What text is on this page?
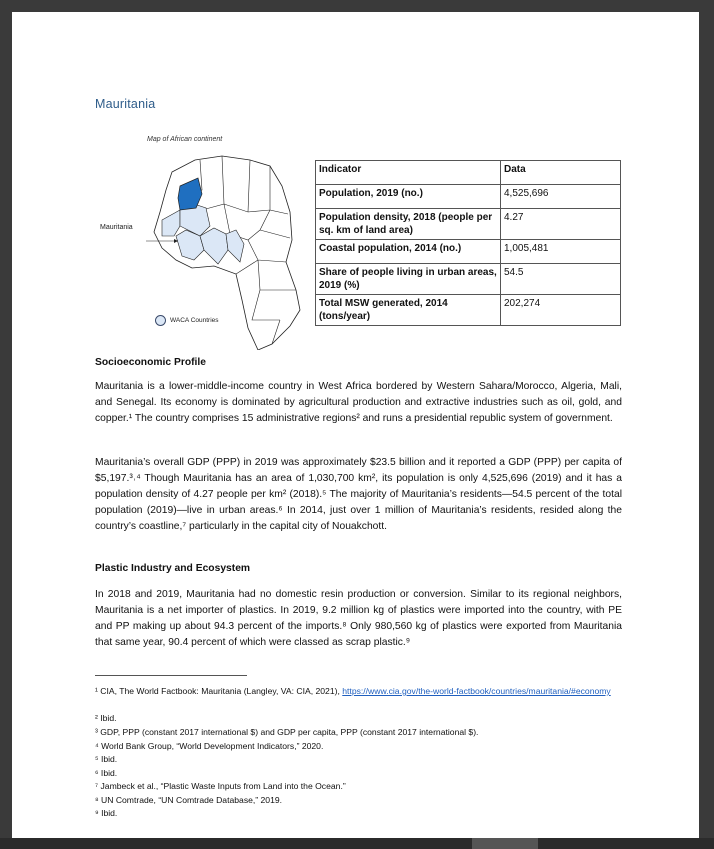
Mauritania
Map of African continent
Mauritania
WACA Countries
Indicator	Data
Population, 2019 (no.)	4,525,696
Population density, 2018 (people per sq. km of land area)	4.27
Coastal population, 2014 (no.)	1,005,481
Share of people living in urban areas, 2019 (%)	54.5
Total MSW generated, 2014 (tons/year)	202,274
Socioeconomic Profile
Mauritania is a lower-middle-income country in West Africa bordered by Western Sahara/Morocco, Algeria, Mali, and Senegal. Its economy is dominated by agricultural production and extractive industries such as oil, gold, and copper.¹ The country comprises 15 administrative regions² and runs a presidential republic system of government.
Mauritania’s overall GDP (PPP) in 2019 was approximately $23.5 billion and it reported a GDP (PPP) per capita of $5,197.³˒⁴ Though Mauritania has an area of 1,030,700 km², its population is only 4,525,696 (2019) and it has a population density of 4.27 people per km² (2018).⁵ The majority of Mauritania’s residents—54.5 percent of the total population (2019)—live in urban areas.⁶ In 2014, just over 1 million of Mauritania’s residents, resided along the country’s coastline,⁷ particularly in the capital city of Nouakchott.
Plastic Industry and Ecosystem
In 2018 and 2019, Mauritania had no domestic resin production or conversion. Similar to its regional neighbors, Mauritania is a net importer of plastics. In 2019, 9.2 million kg of plastics were imported into the country, with PE and PP making up about 94.3 percent of the imports.⁸ Only 980,560 kg of plastics were exported from Mauritania that same year, 90.4 percent of which were classed as scrap plastic.⁹
¹ CIA, The World Factbook: Mauritania (Langley, VA: CIA, 2021), https://www.cia.gov/the-world-factbook/countries/mauritania/#economy
² Ibid.
³ GDP, PPP (constant 2017 international $) and GDP per capita, PPP (constant 2017 international $).
⁴ World Bank Group, “World Development Indicators,” 2020.
⁵ Ibid.
⁶ Ibid.
⁷ Jambeck et al., “Plastic Waste Inputs from Land into the Ocean.”
⁸ UN Comtrade, “UN Comtrade Database,” 2019.
⁹ Ibid.
